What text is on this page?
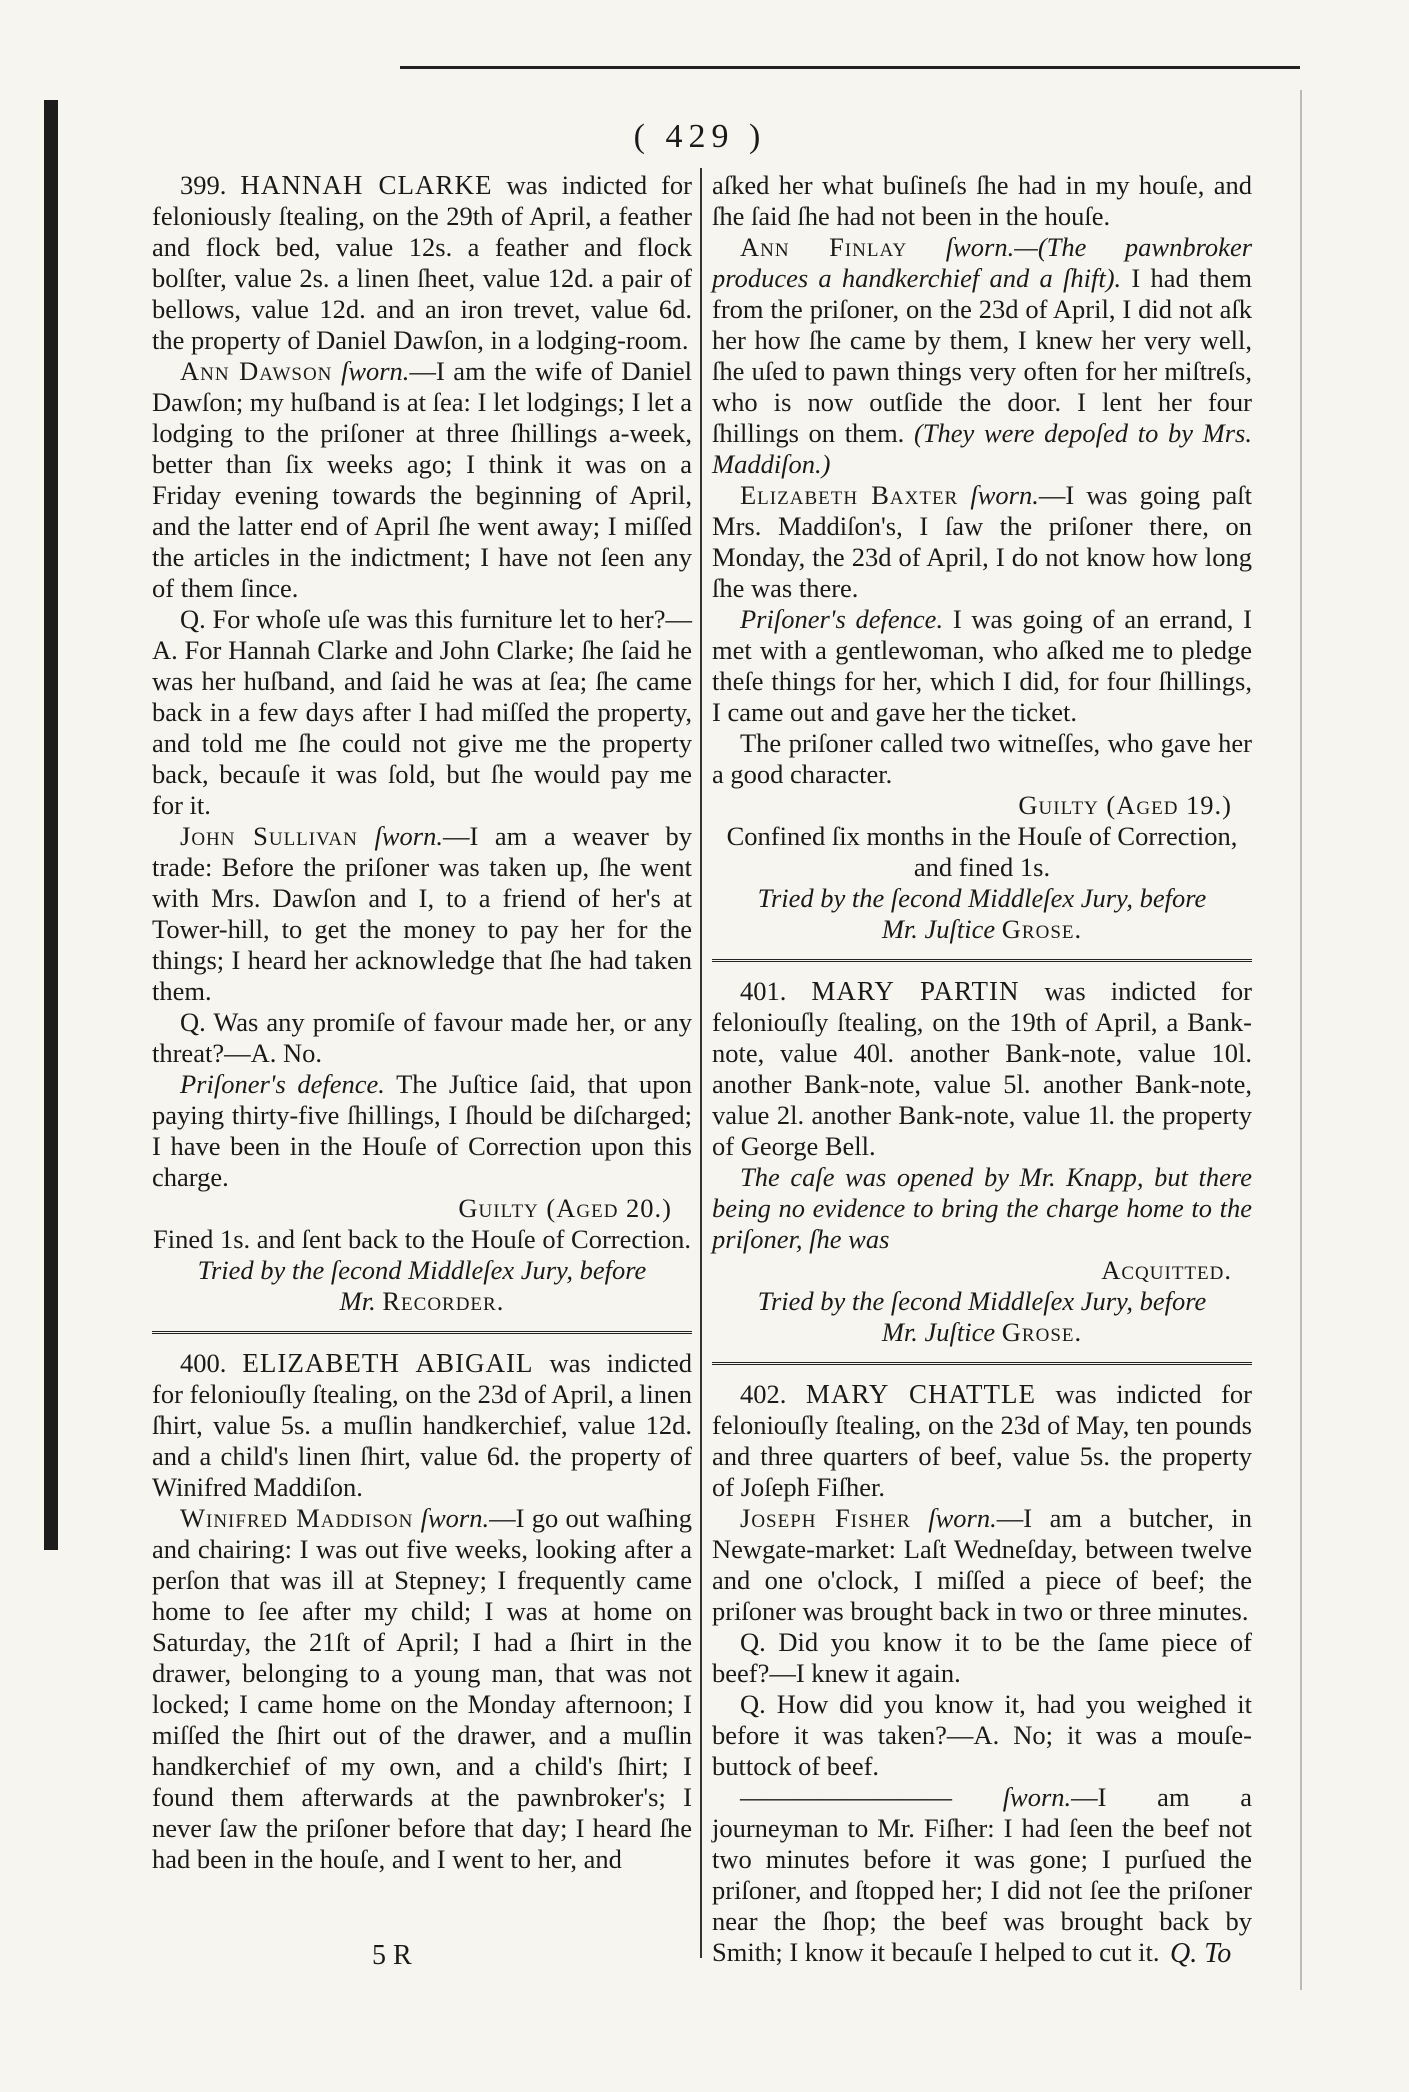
( 429 )

399. HANNAH CLARKE was indicted for feloniously ſtealing, on the 29th of April, a feather and flock bed, value 12s. a feather and flock bolſter, value 2s. a linen ſheet, value 12d. a pair of bellows, value 12d. and an iron trevet, value 6d. the property of Daniel Dawſon, in a lodging-room.

Ann Dawson ſworn.—I am the wife of Daniel Dawſon; my huſband is at ſea: I let lodgings; I let a lodging to the priſoner at three ſhillings a-week, better than ſix weeks ago; I think it was on a Friday evening towards the beginning of April, and the latter end of April ſhe went away; I miſſed the articles in the indictment; I have not ſeen any of them ſince.

Q. For whoſe uſe was this furniture let to her?—A. For Hannah Clarke and John Clarke; ſhe ſaid he was her huſband, and ſaid he was at ſea; ſhe came back in a few days after I had miſſed the property, and told me ſhe could not give me the property back, becauſe it was ſold, but ſhe would pay me for it.

John Sullivan ſworn.—I am a weaver by trade: Before the priſoner was taken up, ſhe went with Mrs. Dawſon and I, to a friend of her's at Tower-hill, to get the money to pay her for the things; I heard her acknowledge that ſhe had taken them.

Q. Was any promiſe of favour made her, or any threat?—A. No.

Priſoner's defence. The Juſtice ſaid, that upon paying thirty-five ſhillings, I ſhould be diſcharged; I have been in the Houſe of Correction upon this charge.

Guilty (Aged 20.)

Fined 1s. and ſent back to the Houſe of Correction.

Tried by the ſecond Middleſex Jury, before

Mr. Recorder.

400. ELIZABETH ABIGAIL was indicted for feloniouſly ſtealing, on the 23d of April, a linen ſhirt, value 5s. a muſlin handkerchief, value 12d. and a child's linen ſhirt, value 6d. the property of Winifred Maddiſon.

Winifred Maddison ſworn.—I go out waſhing and chairing: I was out five weeks, looking after a perſon that was ill at Stepney; I frequently came home to ſee after my child; I was at home on Saturday, the 21ſt of April; I had a ſhirt in the drawer, belonging to a young man, that was not locked; I came home on the Monday afternoon; I miſſed the ſhirt out of the drawer, and a muſlin handkerchief of my own, and a child's ſhirt; I found them afterwards at the pawnbroker's; I never ſaw the priſoner before that day; I heard ſhe had been in the houſe, and I went to her, and

aſked her what buſineſs ſhe had in my houſe, and ſhe ſaid ſhe had not been in the houſe.

Ann Finlay ſworn.—(The pawnbroker produces a handkerchief and a ſhift). I had them from the priſoner, on the 23d of April, I did not aſk her how ſhe came by them, I knew her very well, ſhe uſed to pawn things very often for her miſtreſs, who is now outſide the door. I lent her four ſhillings on them. (They were depoſed to by Mrs. Maddiſon.)

Elizabeth Baxter ſworn.—I was going paſt Mrs. Maddiſon's, I ſaw the priſoner there, on Monday, the 23d of April, I do not know how long ſhe was there.

Priſoner's defence. I was going of an errand, I met with a gentlewoman, who aſked me to pledge theſe things for her, which I did, for four ſhillings, I came out and gave her the ticket.

The priſoner called two witneſſes, who gave her a good character.

Guilty (Aged 19.)

Confined ſix months in the Houſe of Correction,

and fined 1s.

Tried by the ſecond Middleſex Jury, before

Mr. Juſtice Grose.

401. MARY PARTIN was indicted for feloniouſly ſtealing, on the 19th of April, a Bank-note, value 40l. another Bank-note, value 10l. another Bank-note, value 5l. another Bank-note, value 2l. another Bank-note, value 1l. the property of George Bell.

The caſe was opened by Mr. Knapp, but there being no evidence to bring the charge home to the priſoner, ſhe was

Acquitted.

Tried by the ſecond Middleſex Jury, before

Mr. Juſtice Grose.

402. MARY CHATTLE was indicted for feloniouſly ſtealing, on the 23d of May, ten pounds and three quarters of beef, value 5s. the property of Joſeph Fiſher.

Joseph Fisher ſworn.—I am a butcher, in Newgate-market: Laſt Wedneſday, between twelve and one o'clock, I miſſed a piece of beef; the priſoner was brought back in two or three minutes.

Q. Did you know it to be the ſame piece of beef?—I knew it again.

Q. How did you know it, had you weighed it before it was taken?—A. No; it was a mouſe-buttock of beef.

———————— ſworn.—I am a journeyman to Mr. Fiſher: I had ſeen the beef not two minutes before it was gone; I purſued the priſoner, and ſtopped her; I did not ſee the priſoner near the ſhop; the beef was brought back by Smith; I know it becauſe I helped to cut it.

5 R	Q. To
